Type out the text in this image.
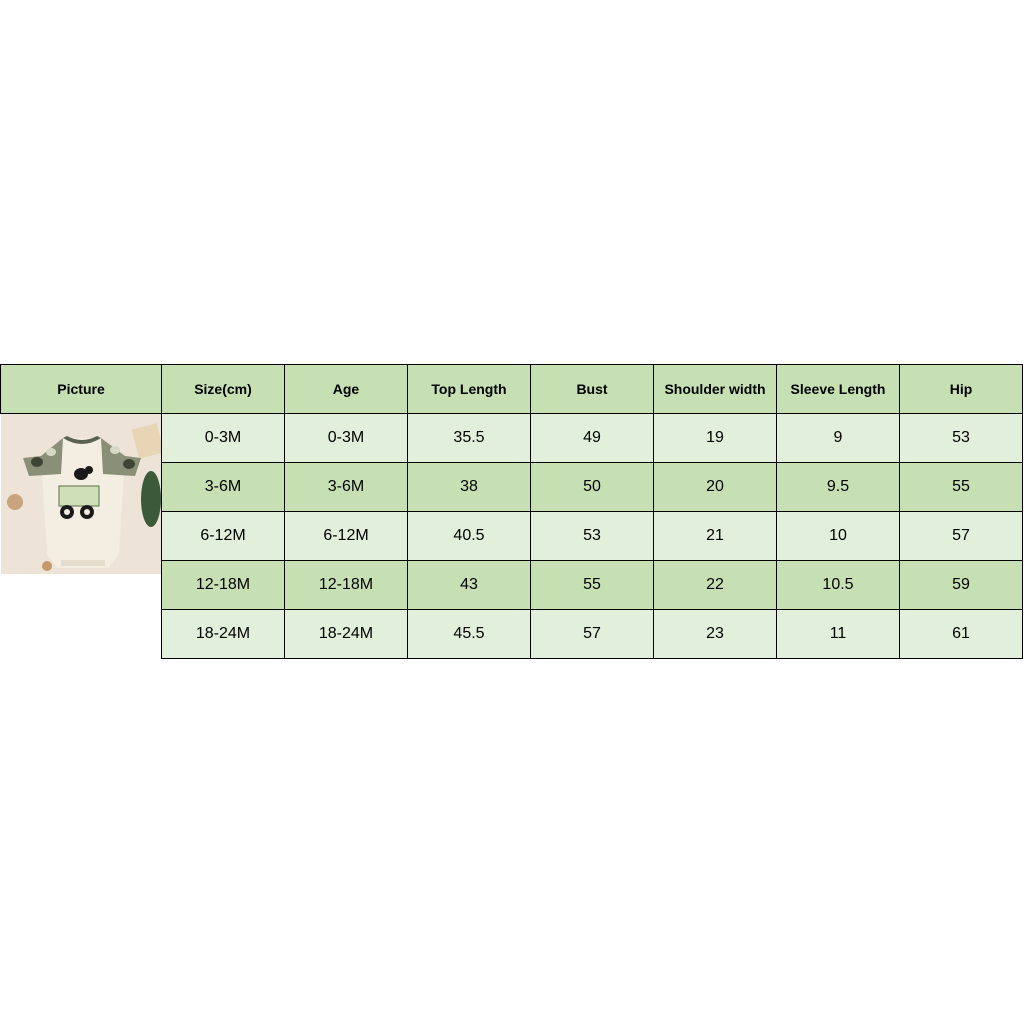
Picture	Size(cm)	Age	Top Length	Bust	Shoulder width	Sleeve Length	Hip

	0-3M	0-3M	35.5	49	19	9	53
	3-6M	3-6M	38	50	20	9.5	55
	6-12M	6-12M	40.5	53	21	10	57
	12-18M	12-18M	43	55	22	10.5	59
	18-24M	18-24M	45.5	57	23	11	61
